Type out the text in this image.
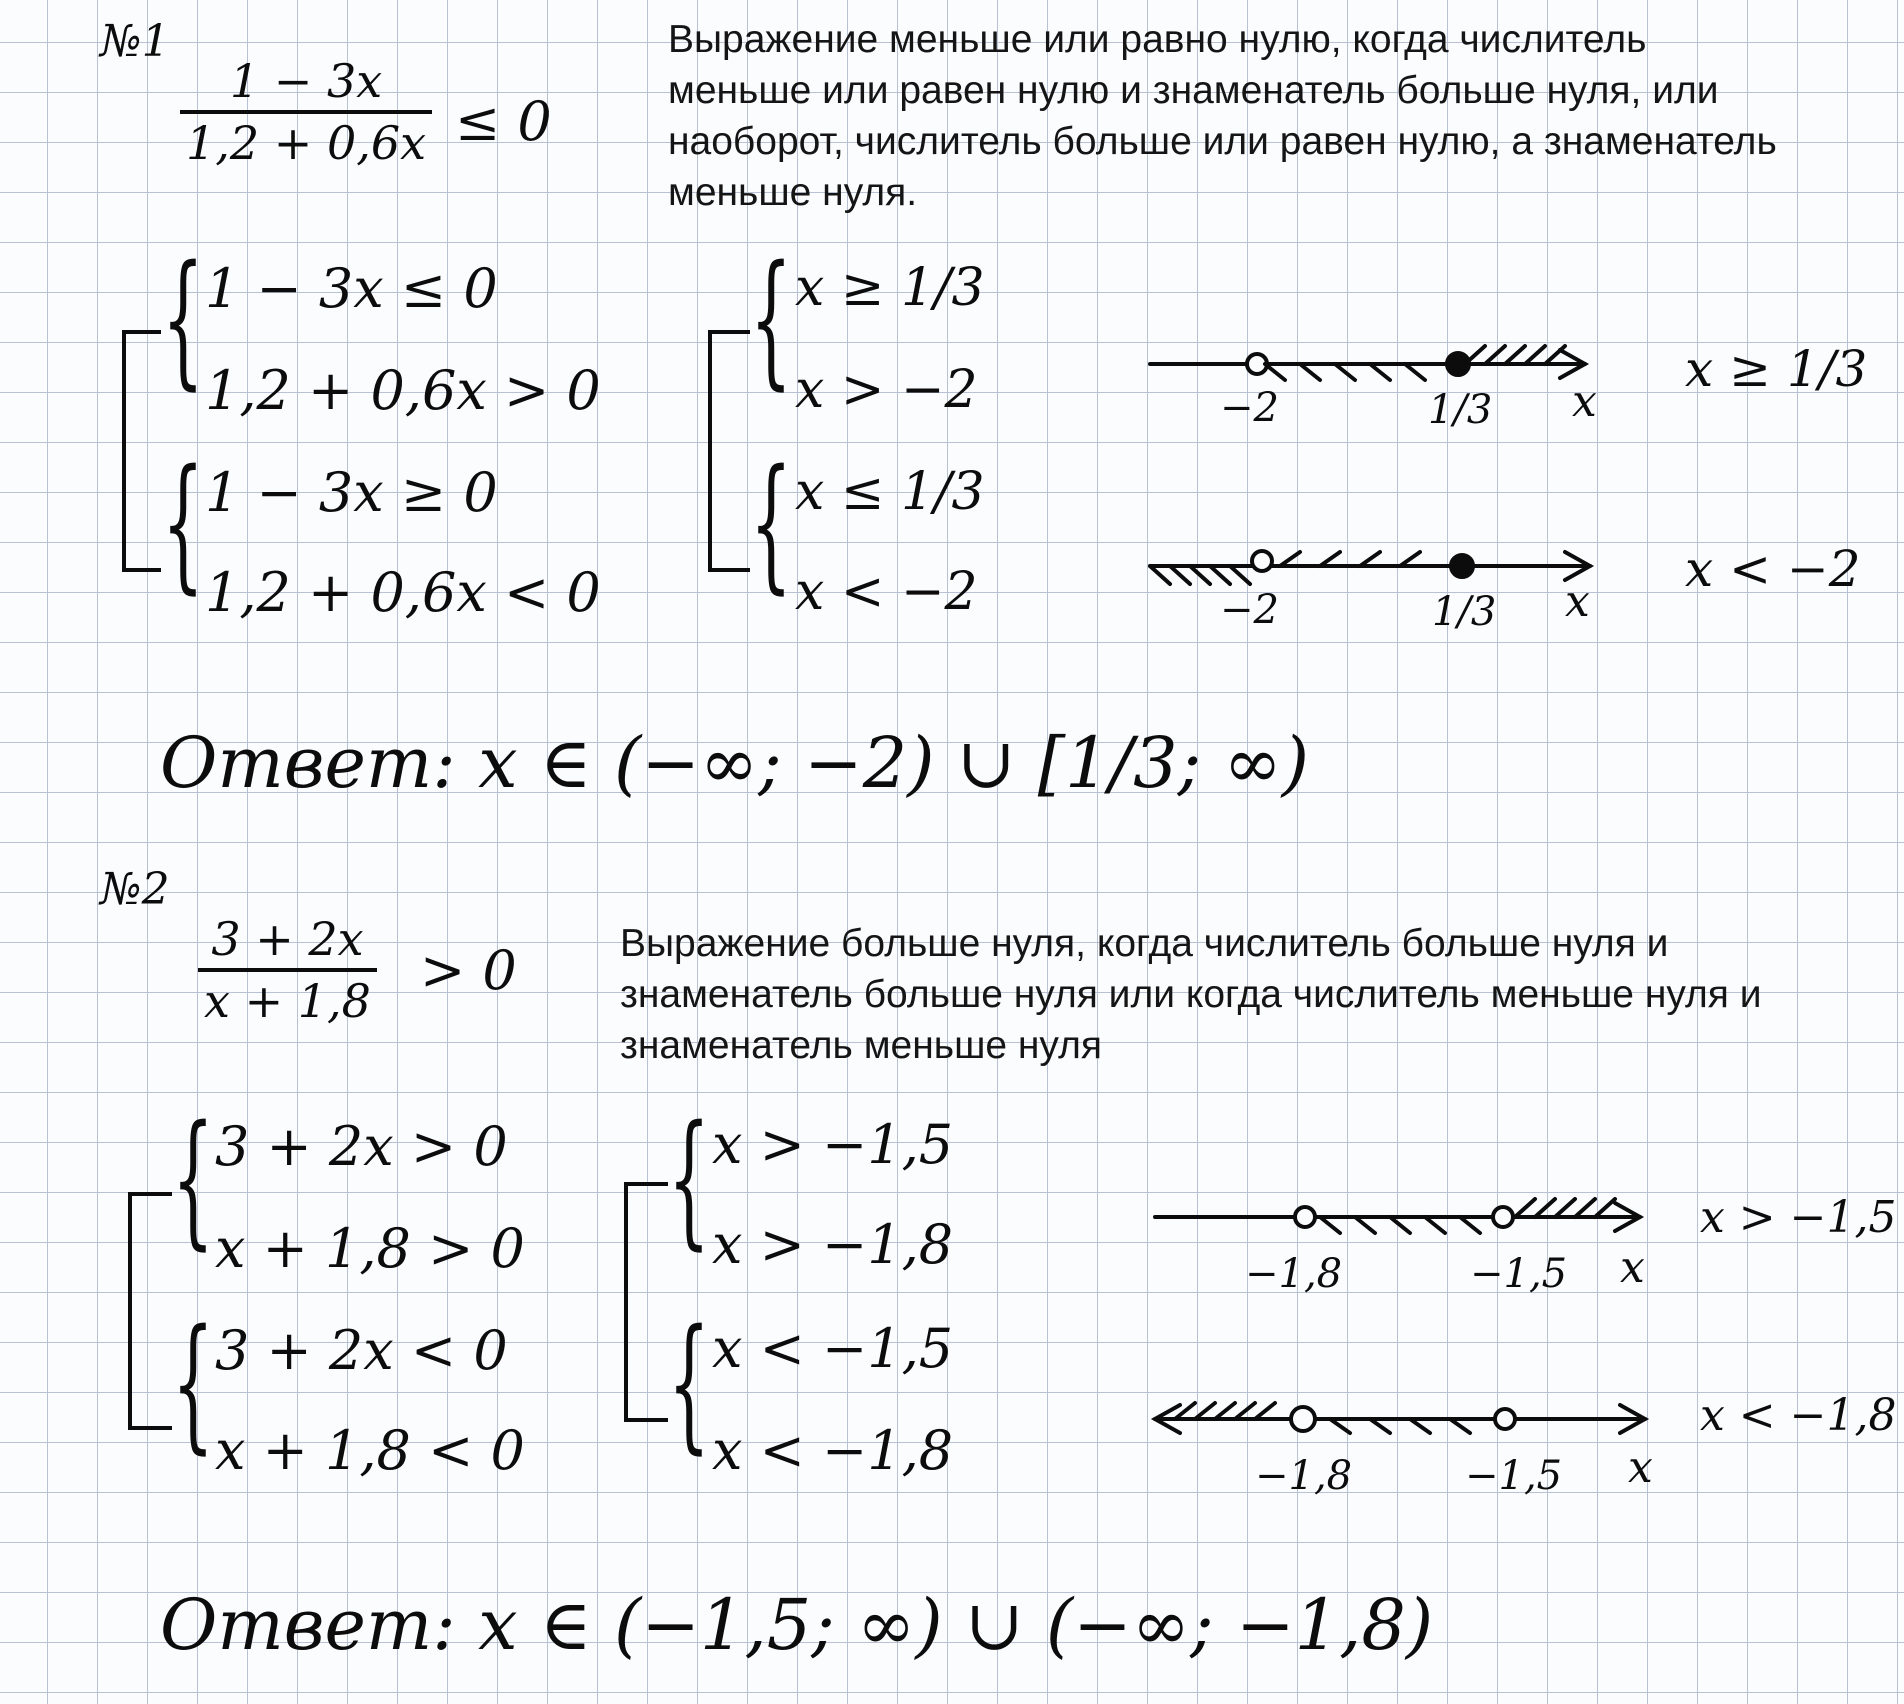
№1
$\frac{1 - 3x}{1,2 + 0,6x} \le 0$
Выражение меньше или равно нулю, когда числитель меньше или равен нулю и знаменатель больше нуля, или наоборот, числитель больше или равен нулю, а знаменатель меньше нуля.
{
{
1 − 3x ≤ 0
1,2 + 0,6x > 0
1 − 3x ≥ 0
1,2 + 0,6x < 0
{
{
x ≥ 1/3
x > −2
x ≤ 1/3
x < −2
−2	1/3 x
x ≥ 1/3
−2	1/3 x
x < −2
Ответ: x ∈ (−∞; −2) ∪ [1/3; ∞)
№2
$\frac{3 + 2x}{x + 1,8} > 0$	Выражение больше нуля, когда числитель больше нуля и знаменатель больше нуля или когда числитель меньше нуля и знаменатель меньше нуля
{
{
3 + 2x > 0
x + 1,8 > 0
3 + 2x < 0
x + 1,8 < 0
{
{
x > −1,5
x > −1,8
x < −1,5
x < −1,8
−1,8	−1,5 x
x > −1,5
−1,8	−1,5 x
x < −1,8
Ответ: x ∈ (−1,5; ∞) ∪ (−∞; −1,8)
